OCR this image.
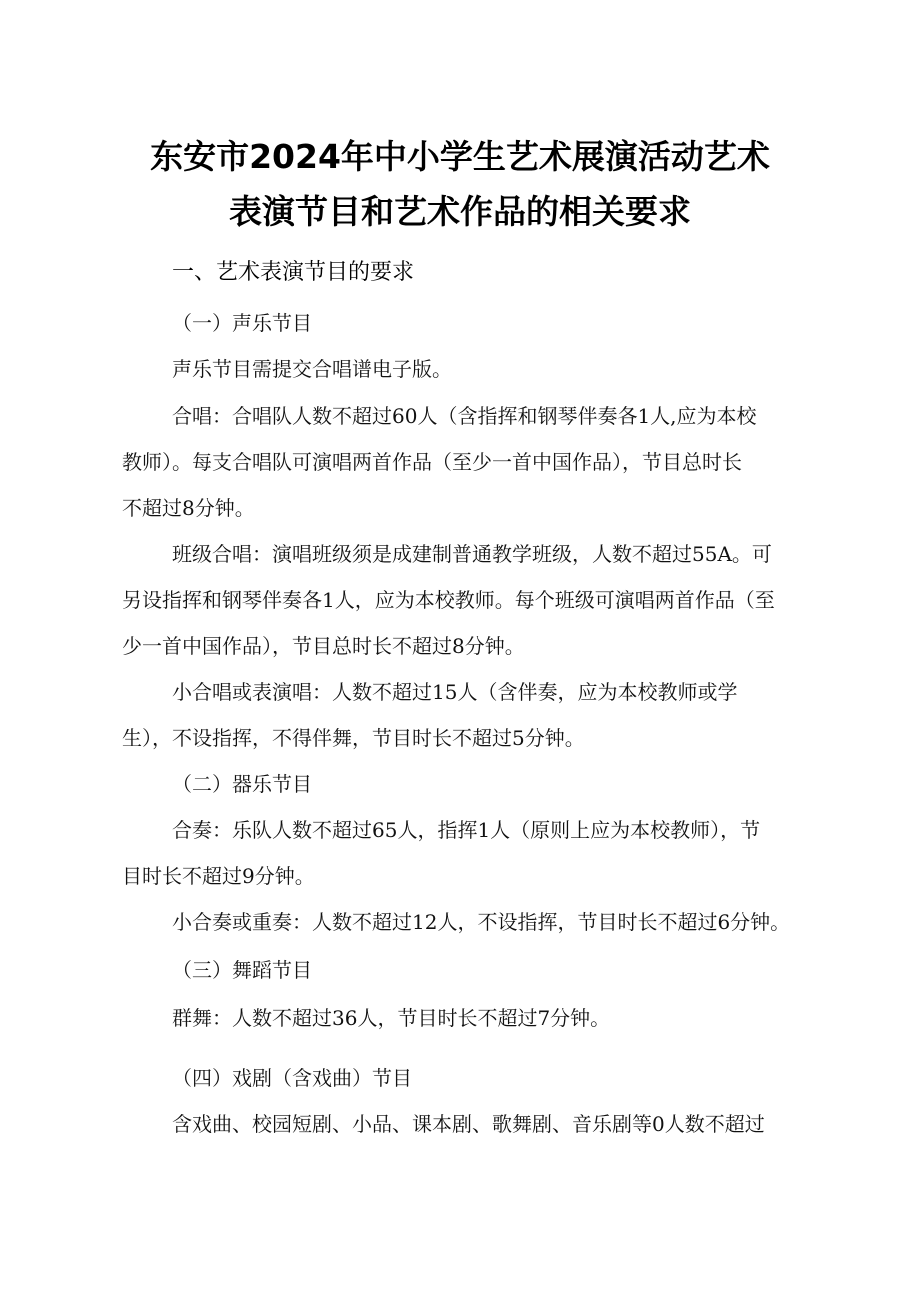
东安市2024年中小学生艺术展演活动艺术
表演节目和艺术作品的相关要求
一、艺术表演节目的要求
（一）声乐节目
声乐节目需提交合唱谱电子版。
合唱：合唱队人数不超过60人（含指挥和钢琴伴奏各1人,应为本校
教师）。每支合唱队可演唱两首作品（至少一首中国作品），节目总时长
不超过8分钟。
班级合唱：演唱班级须是成建制普通教学班级，人数不超过55A。可
另设指挥和钢琴伴奏各1人，应为本校教师。每个班级可演唱两首作品（至
少一首中国作品），节目总时长不超过8分钟。
小合唱或表演唱：人数不超过15人（含伴奏，应为本校教师或学
生），不设指挥，不得伴舞，节目时长不超过5分钟。
（二）器乐节目
合奏：乐队人数不超过65人，指挥1人（原则上应为本校教师），节
目时长不超过9分钟。
小合奏或重奏：人数不超过12人，不设指挥，节目时长不超过6分钟。
（三）舞蹈节目
群舞：人数不超过36人，节目时长不超过7分钟。
（四）戏剧（含戏曲）节目
含戏曲、校园短剧、小品、课本剧、歌舞剧、音乐剧等0人数不超过
